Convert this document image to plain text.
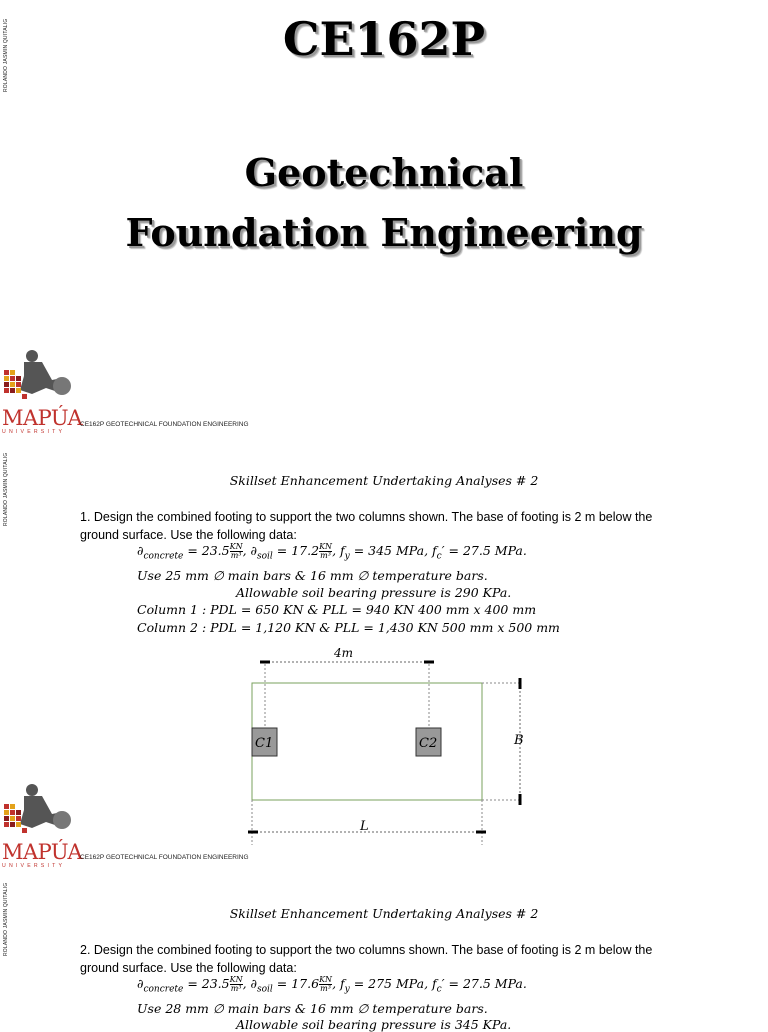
ROLANDO JASMIN QUITALIG
ROLANDO JASMIN QUITALIG
ROLANDO JASMIN QUITALIG
CE162P
Geotechnical
Foundation Engineering
MAPÚA
UNIVERSITY
CE162P GEOTECHNICAL FOUNDATION ENGINEERING
Skillset Enhancement Undertaking Analyses # 2
1. Design the combined footing to support the two columns shown. The base of footing is 2 m below the ground surface. Use the following data:
$\partial_{concrete} = 23.5 \frac{KN}{\text{m³}}$ , $\partial_{soil} = 17.2 \frac{KN}{\text{m³}}$ , $f_y = 345$ MPa, $f_c' = 27.5$ MPa.
Use 25 mm ∅ main bars & 16 mm ∅ temperature bars.
Allowable soil bearing pressure is 290 KPa.
Column 1 : PDL = 650 KN & PLL = 940 KN 400 mm x 400 mm
Column 2 : PDL = 1,120 KN & PLL = 1,430 KN 500 mm x 500 mm
4m
C1	C2	B
L
MAPÚA
UNIVERSITY
CE162P GEOTECHNICAL FOUNDATION ENGINEERING
Skillset Enhancement Undertaking Analyses # 2
2. Design the combined footing to support the two columns shown. The base of footing is 2 m below the ground surface. Use the following data:
$\partial_{concrete} = 23.5 \frac{KN}{\text{m³}}$ , $\partial_{soil} = 17.6 \frac{KN}{\text{m³}}$ , $f_y = 275$ MPa, $f_c' = 27.5$ MPa.
Use 28 mm ∅ main bars & 16 mm ∅ temperature bars.
Allowable soil bearing pressure is 345 KPa.
